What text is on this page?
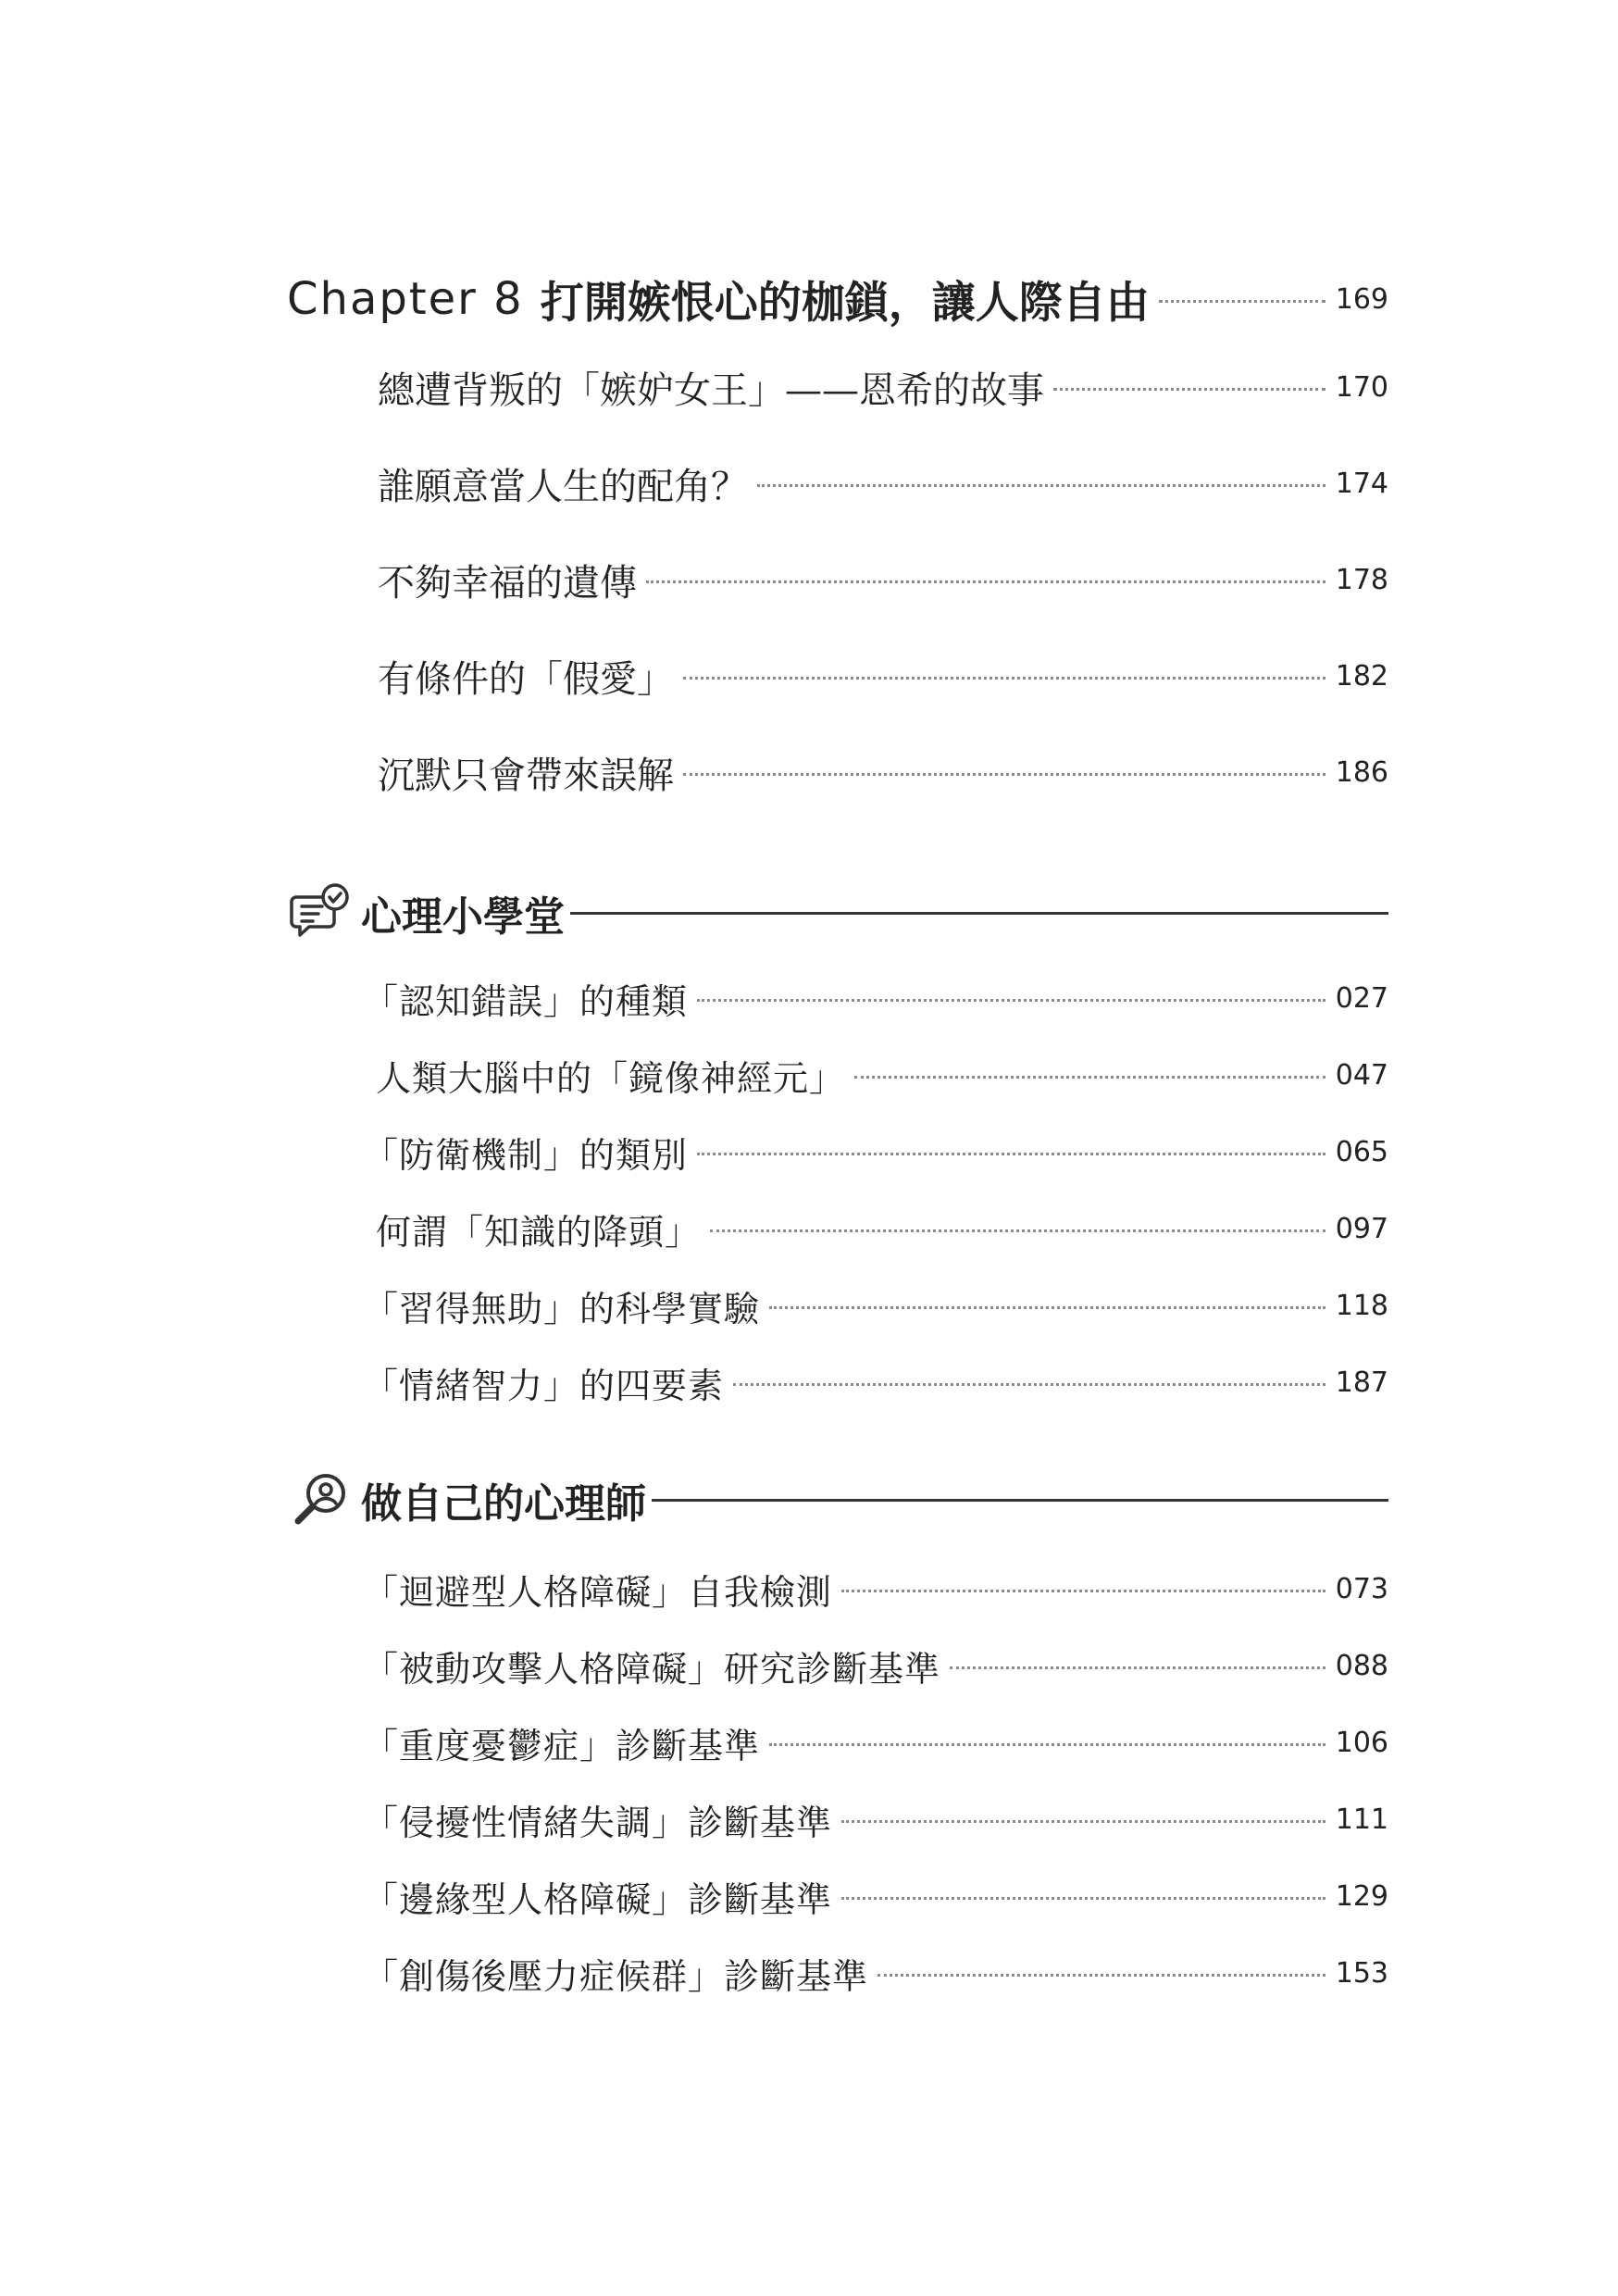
Chapter 8 打開嫉恨心的枷鎖，讓人際自由	169
總遭背叛的「嫉妒女王」——恩希的故事	170
誰願意當人生的配角？	174
不夠幸福的遺傳	178
有條件的「假愛」	182
沉默只會帶來誤解	186
心理小學堂
「認知錯誤」的種類	027
人類大腦中的「鏡像神經元」	047
「防衛機制」的類別	065
何謂「知識的降頭」	097
「習得無助」的科學實驗	118
「情緒智力」的四要素	187
做自己的心理師
「迴避型人格障礙」自我檢測	073
「被動攻擊人格障礙」研究診斷基準	088
「重度憂鬱症」診斷基準	106
「侵擾性情緒失調」診斷基準	111
「邊緣型人格障礙」診斷基準	129
「創傷後壓力症候群」診斷基準	153
